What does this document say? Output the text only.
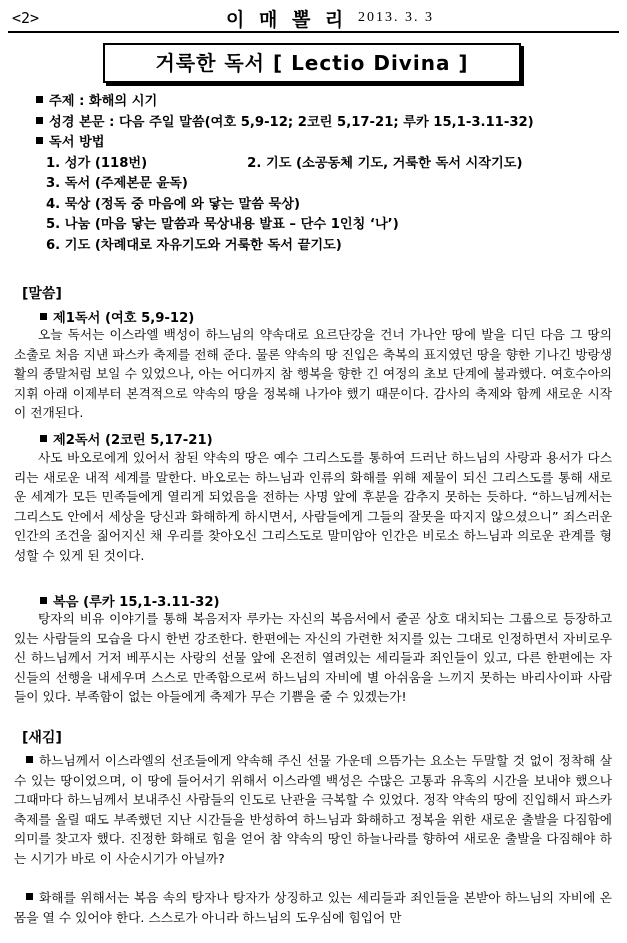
<2>	이 매 뽈 리 2013. 3. 3
거룩한 독서 [ Lectio Divina ]
주제 : 화해의 시기
성경 본문 : 다음 주일 말씀(여호 5,9-12; 2코린 5,17-21; 루카 15,1-3.11-32)
독서 방법
1. 성가 (118번)	2. 기도 (소공동체 기도, 거룩한 독서 시작기도)
3. 독서 (주제본문 윤독)
4. 묵상 (정독 중 마음에 와 닿는 말씀 묵상)
5. 나눔 (마음 닿는 말씀과 묵상내용 발표 – 단수 1인칭 ‘나’)
6. 기도 (차례대로 자유기도와 거룩한 독서 끝기도)
[말씀]
제1독서 (여호 5,9-12)
오늘 독서는 이스라엘 백성이 하느님의 약속대로 요르단강을 건너 가나안 땅에 발을 디딘 다음 그 땅의 소출로 처음 지낸 파스카 축제를 전해 준다. 물론 약속의 땅 진입은 축복의 표지였던 땅을 향한 기나긴 방랑생활의 종말처럼 보일 수 있었으나, 아는 어디까지 참 행복을 향한 긴 여정의 초보 단계에 불과했다. 여호수아의 지휘 아래 이제부터 본격적으로 약속의 땅을 정복해 나가야 했기 때문이다. 감사의 축제와 함께 새로운 시작이 전개된다.
제2독서 (2코린 5,17-21)
사도 바오로에게 있어서 참된 약속의 땅은 예수 그리스도를 통하여 드러난 하느님의 사랑과 용서가 다스리는 새로운 내적 세계를 말한다. 바오로는 하느님과 인류의 화해를 위해 제물이 되신 그리스도를 통해 새로운 세계가 모든 민족들에게 열리게 되었음을 전하는 사명 앞에 후분을 감추지 못하는 듯하다. “하느님께서는 그리스도 안에서 세상을 당신과 화해하게 하시면서, 사람들에게 그들의 잘못을 따지지 않으셨으니” 죄스러운 인간의 조건을 짊어지신 채 우리를 찾아오신 그리스도로 말미암아 인간은 비로소 하느님과 의로운 관계를 형성할 수 있게 된 것이다.
복음 (루카 15,1-3.11-32)
탕자의 비유 이야기를 통해 복음저자 루카는 자신의 복음서에서 줄곧 상호 대치되는 그룹으로 등장하고 있는 사람들의 모습을 다시 한번 강조한다. 한편에는 자신의 가련한 처지를 있는 그대로 인정하면서 자비로우신 하느님께서 거저 베푸시는 사랑의 선물 앞에 온전히 열려있는 세리들과 죄인들이 있고, 다른 한편에는 자신들의 선행을 내세우며 스스로 만족함으로써 하느님의 자비에 별 아쉬움을 느끼지 못하는 바리사이파 사람들이 있다. 부족함이 없는 아들에게 축제가 무슨 기쁨을 줄 수 있겠는가!
[새김]
하느님께서 이스라엘의 선조들에게 약속해 주신 선물 가운데 으뜸가는 요소는 두말할 것 없이 정착해 살 수 있는 땅이었으며, 이 땅에 들어서기 위해서 이스라엘 백성은 수많은 고통과 유혹의 시간을 보내야 했으나 그때마다 하느님께서 보내주신 사람들의 인도로 난관을 극복할 수 있었다. 정작 약속의 땅에 진입해서 파스카 축제를 올릴 때도 부족했던 지난 시간들을 반성하여 하느님과 화해하고 정복을 위한 새로운 출발을 다짐함에 의미를 찾고자 했다. 진정한 화해로 힘을 얻어 참 약속의 땅인 하늘나라를 향하여 새로운 출발을 다짐해야 하는 시기가 바로 이 사순시기가 아닐까?
화해를 위해서는 복음 속의 탕자나 탕자가 상징하고 있는 세리들과 죄인들을 본받아 하느님의 자비에 온몸을 열 수 있어야 한다. 스스로가 아니라 하느님의 도우심에 힘입어 만
